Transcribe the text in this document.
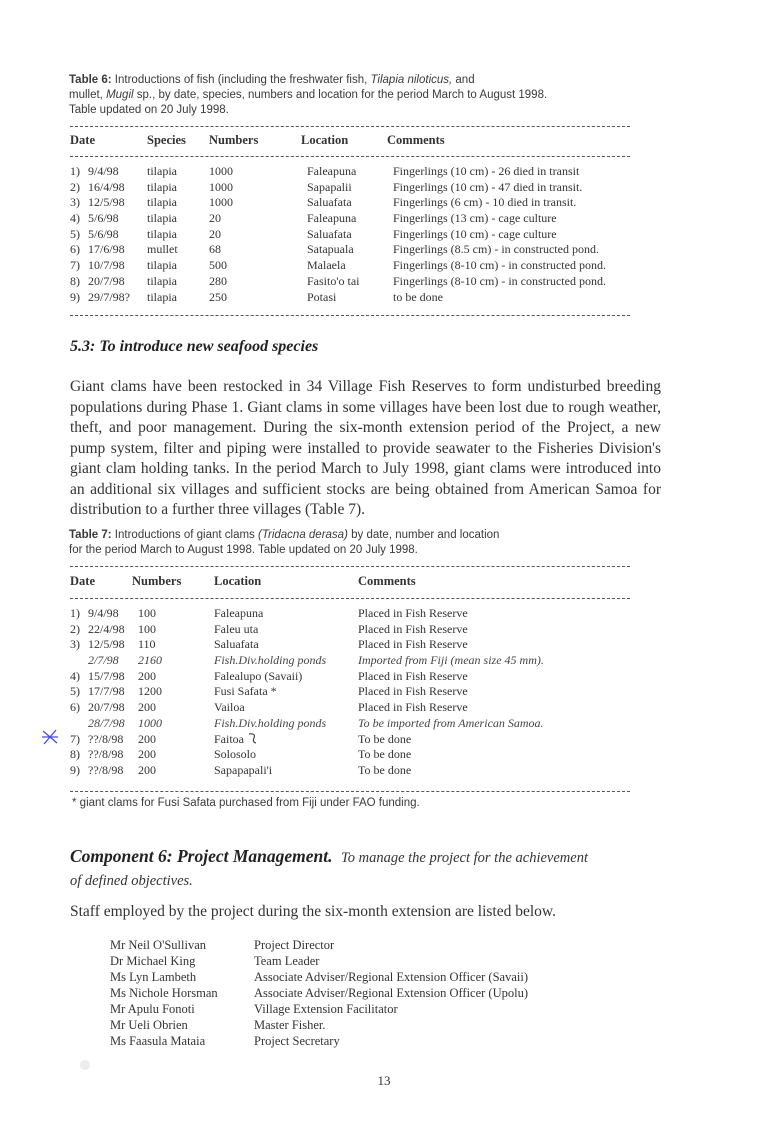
Table 6: Introductions of fish (including the freshwater fish, Tilapia niloticus, and
mullet, Mugil sp., by date, species, numbers and location for the period March to August 1998.
Table updated on 20 July 1998.
Date	Species	Numbers	Location	Comments
1)	9/4/98	tilapia	1000		Faleapuna	Fingerlings (10 cm) - 26 died in transit
2)	16/4/98	tilapia	1000		Sapapalii	Fingerlings (10 cm) - 47 died in transit.
3)	12/5/98	tilapia	1000		Saluafata	Fingerlings (6 cm) - 10 died in transit.
4)	5/6/98	tilapia	20		Faleapuna	Fingerlings (13 cm) - cage culture
5)	5/6/98	tilapia	20		Saluafata	Fingerlings (10 cm) - cage culture
6)	17/6/98	mullet	68		Satapuala	Fingerlings (8.5 cm) - in constructed pond.
7)	10/7/98	tilapia	500		Malaela	Fingerlings (8-10 cm) - in constructed pond.
8)	20/7/98	tilapia	280		Fasito'o tai	Fingerlings (8-10 cm) - in constructed pond.
9)	29/7/98?	tilapia	250		Potasi	to be done
5.3: To introduce new seafood species
Giant clams have been restocked in 34 Village Fish Reserves to form undisturbed breeding populations during Phase 1. Giant clams in some villages have been lost due to rough weather, theft, and poor management. During the six-month extension period of the Project, a new pump system, filter and piping were installed to provide seawater to the Fisheries Division's giant clam holding tanks. In the period March to July 1998, giant clams were introduced into an additional six villages and sufficient stocks are being obtained from American Samoa for distribution to a further three villages (Table 7).
Table 7: Introductions of giant clams (Tridacna derasa) by date, number and location
for the period March to August 1998. Table updated on 20 July 1998.
Date	Numbers	Location	Comments
1)	9/4/98	100		Faleapuna	Placed in Fish Reserve
2)	22/4/98	100		Faleu uta	Placed in Fish Reserve
3)	12/5/98	110		Saluafata	Placed in Fish Reserve
	2/7/98	2160		Fish.Div.holding ponds	Imported from Fiji (mean size 45 mm).
4)	15/7/98	200		Falealupo (Savaii)	Placed in Fish Reserve
5)	17/7/98	1200		Fusi Safata *	Placed in Fish Reserve
6)	20/7/98	200		Vailoa	Placed in Fish Reserve
	28/7/98	1000		Fish.Div.holding ponds	To be imported from American Samoa.
7)	??/8/98	200		Faitoa	To be done
8)	??/8/98	200		Solosolo	To be done
9)	??/8/98	200		Sapapapali'i	To be done
* giant clams for Fusi Safata purchased from Fiji under FAO funding.
Component 6: Project Management. To manage the project for the achievement
of defined objectives.
Staff employed by the project during the six-month extension are listed below.
Mr Neil O'Sullivan	Project Director
Dr Michael King	Team Leader
Ms Lyn Lambeth	Associate Adviser/Regional Extension Officer (Savaii)
Ms Nichole Horsman	Associate Adviser/Regional Extension Officer (Upolu)
Mr Apulu Fonoti	Village Extension Facilitator
Mr Ueli Obrien	Master Fisher.
Ms Faasula Mataia	Project Secretary
13
